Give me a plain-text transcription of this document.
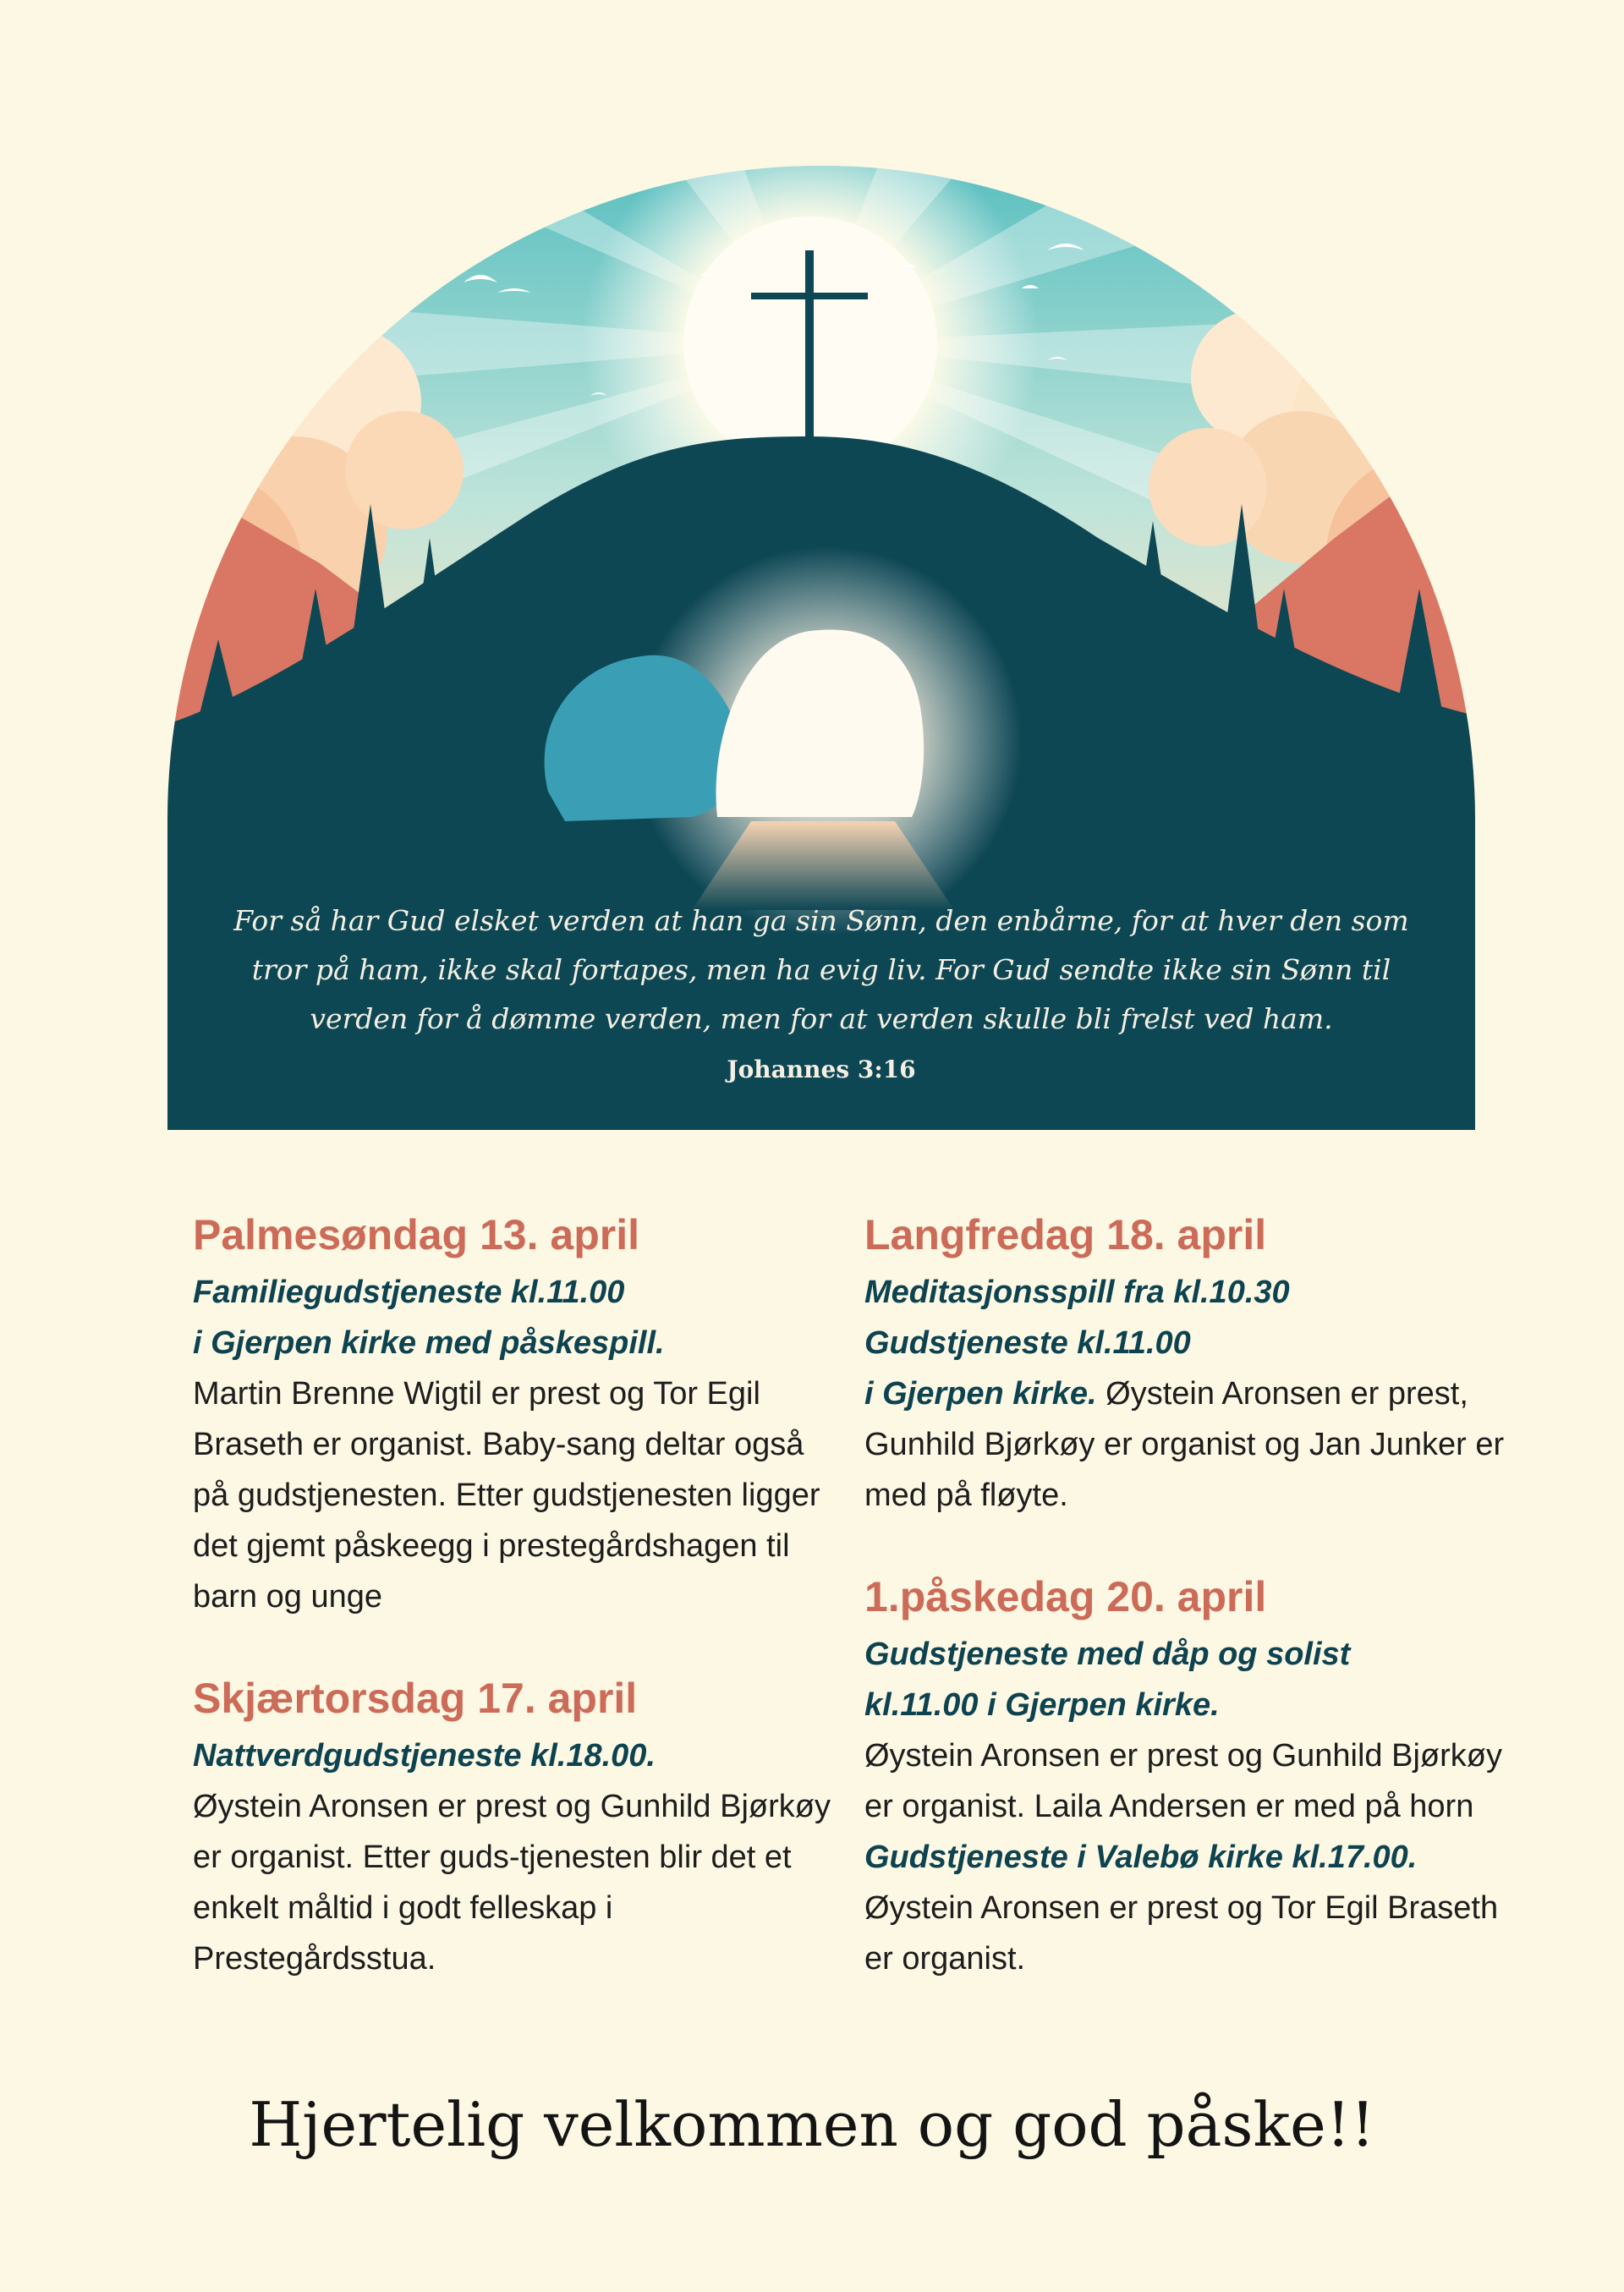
For så har Gud elsket verden at han ga sin Sønn, den enbårne, for at hver den som tror på ham, ikke skal fortapes, men ha evig liv. For Gud sendte ikke sin Sønn til verden for å dømme verden, men for at verden skulle bli frelst ved ham.

Johannes 3:16
Palmesøndag 13. april
Familiegudstjeneste kl.11.00
i Gjerpen kirke med påskespill.
Martin Brenne Wigtil er prest og Tor Egil Braseth er organist. Baby-sang deltar også på gudstjenesten. Etter gudstjenesten ligger det gjemt påskeegg i prestegårdshagen til barn og unge
Skjærtorsdag 17. april
Nattverdgudstjeneste kl.18.00.
Øystein Aronsen er prest og Gunhild Bjørkøy er organist. Etter guds-tjenesten blir det et enkelt måltid i godt felleskap i Prestegårdsstua.
Langfredag 18. april
Meditasjonsspill fra kl.10.30
Gudstjeneste kl.11.00
i Gjerpen kirke. Øystein Aronsen er prest, Gunhild Bjørkøy er organist og Jan Junker er med på fløyte.
1.påskedag 20. april
Gudstjeneste med dåp og solist
kl.11.00 i Gjerpen kirke.
Øystein Aronsen er prest og Gunhild Bjørkøy er organist. Laila Andersen er med på horn
Gudstjeneste i Valebø kirke kl.17.00.
Øystein Aronsen er prest og Tor Egil Braseth er organist.
Hjertelig velkommen og god påske!!
